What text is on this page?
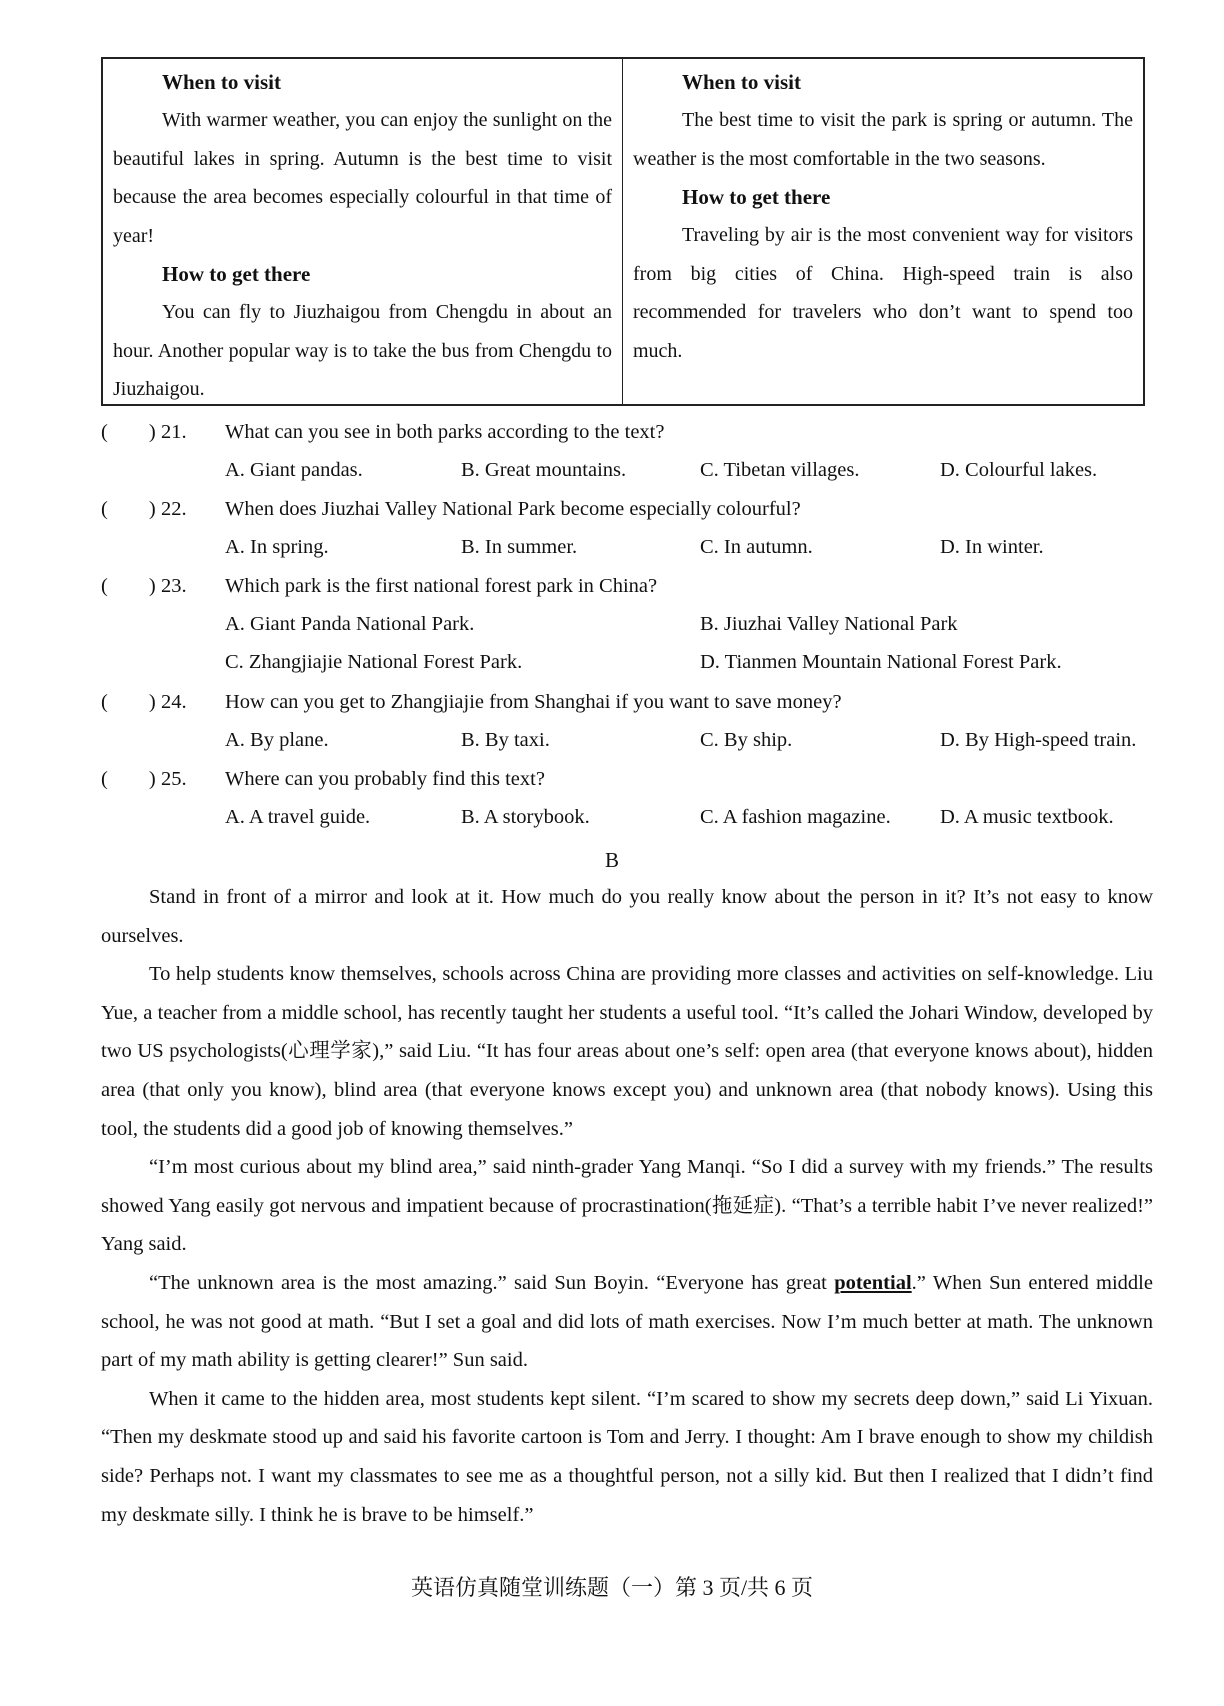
When to visit

With warmer weather, you can enjoy the sunlight on the beautiful lakes in spring. Autumn is the best time to visit because the area becomes especially colourful in that time of year!

How to get there

You can fly to Jiuzhaigou from Chengdu in about an hour. Another popular way is to take the bus from Chengdu to Jiuzhaigou.

When to visit

The best time to visit the park is spring or autumn. The weather is the most comfortable in the two seasons.

How to get there

Traveling by air is the most convenient way for visitors from big cities of China. High-speed train is also recommended for travelers who don’t want to spend too much.

(        ) 21. What can you see in both parks according to the text?
A. Giant pandas.	B. Great mountains.	C. Tibetan villages.	D. Colourful lakes.
(        ) 22. When does Jiuzhai Valley National Park become especially colourful?
A. In spring.	B. In summer.	C. In autumn.	D. In winter.
(        ) 23. Which park is the first national forest park in China?
A. Giant Panda National Park.	B. Jiuzhai Valley National Park
C. Zhangjiajie National Forest Park.	D. Tianmen Mountain National Forest Park.
(        ) 24. How can you get to Zhangjiajie from Shanghai if you want to save money?
A. By plane.	B. By taxi.	C. By ship.	D. By High-speed train.
(        ) 25. Where can you probably find this text?
A. A travel guide.	B. A storybook.	C. A fashion magazine. D. A music textbook.
B

Stand in front of a mirror and look at it. How much do you really know about the person in it? It’s not easy to know ourselves.

To help students know themselves, schools across China are providing more classes and activities on self-knowledge. Liu Yue, a teacher from a middle school, has recently taught her students a useful tool. “It’s called the Johari Window, developed by two US psychologists(心理学家),” said Liu. “It has four areas about one’s self: open area (that everyone knows about), hidden area (that only you know), blind area (that everyone knows except you) and unknown area (that nobody knows). Using this tool, the students did a good job of knowing themselves.”

“I’m most curious about my blind area,” said ninth-grader Yang Manqi. “So I did a survey with my friends.” The results showed Yang easily got nervous and impatient because of procrastination(拖延症). “That’s a terrible habit I’ve never realized!” Yang said.

“The unknown area is the most amazing.” said Sun Boyin. “Everyone has great potential.” When Sun entered middle school, he was not good at math. “But I set a goal and did lots of math exercises. Now I’m much better at math. The unknown part of my math ability is getting clearer!” Sun said.

When it came to the hidden area, most students kept silent. “I’m scared to show my secrets deep down,” said Li Yixuan. “Then my deskmate stood up and said his favorite cartoon is Tom and Jerry. I thought: Am I brave enough to show my childish side? Perhaps not. I want my classmates to see me as a thoughtful person, not a silly kid. But then I realized that I didn’t find my deskmate silly. I think he is brave to be himself.”

英语仿真随堂训练题（一）第 3 页/共 6 页
